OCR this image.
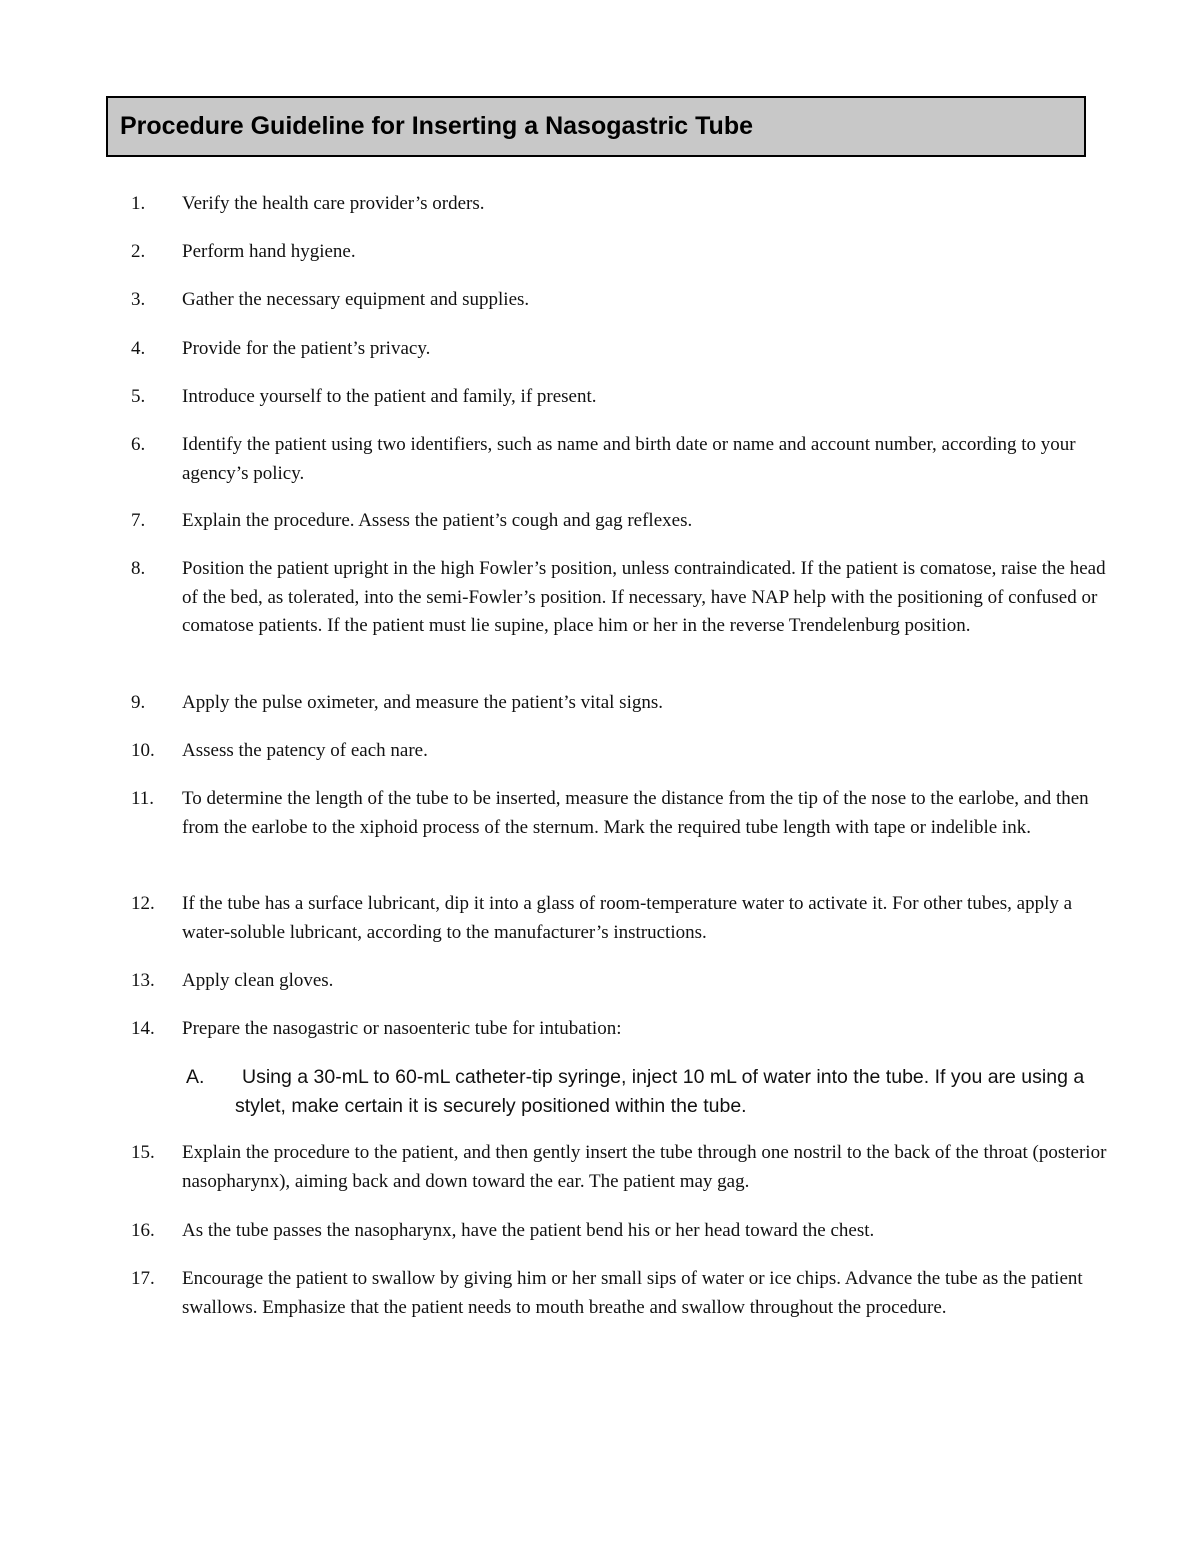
Procedure Guideline for Inserting a Nasogastric Tube
1. Verify the health care provider’s orders.
2. Perform hand hygiene.
3. Gather the necessary equipment and supplies.
4. Provide for the patient’s privacy.
5. Introduce yourself to the patient and family, if present.
6. Identify the patient using two identifiers, such as name and birth date or name and account number, according to your agency’s policy.
7. Explain the procedure. Assess the patient’s cough and gag reflexes.
8. Position the patient upright in the high Fowler’s position, unless contraindicated. If the patient is comatose, raise the head of the bed, as tolerated, into the semi-Fowler’s position. If necessary, have NAP help with the positioning of confused or comatose patients. If the patient must lie supine, place him or her in the reverse Trendelenburg position.
9. Apply the pulse oximeter, and measure the patient’s vital signs.
10. Assess the patency of each nare.
11. To determine the length of the tube to be inserted, measure the distance from the tip of the nose to the earlobe, and then from the earlobe to the xiphoid process of the sternum. Mark the required tube length with tape or indelible ink.
12. If the tube has a surface lubricant, dip it into a glass of room-temperature water to activate it. For other tubes, apply a water-soluble lubricant, according to the manufacturer’s instructions.
13. Apply clean gloves.
14. Prepare the nasogastric or nasoenteric tube for intubation:
A.	Using a 30-mL to 60-mL catheter-tip syringe, inject 10 mL of water into the tube. If you are using a stylet, make certain it is securely positioned within the tube.
15. Explain the procedure to the patient, and then gently insert the tube through one nostril to the back of the throat (posterior nasopharynx), aiming back and down toward the ear. The patient may gag.
16. As the tube passes the nasopharynx, have the patient bend his or her head toward the chest.
17. Encourage the patient to swallow by giving him or her small sips of water or ice chips. Advance the tube as the patient swallows. Emphasize that the patient needs to mouth breathe and swallow throughout the procedure.
